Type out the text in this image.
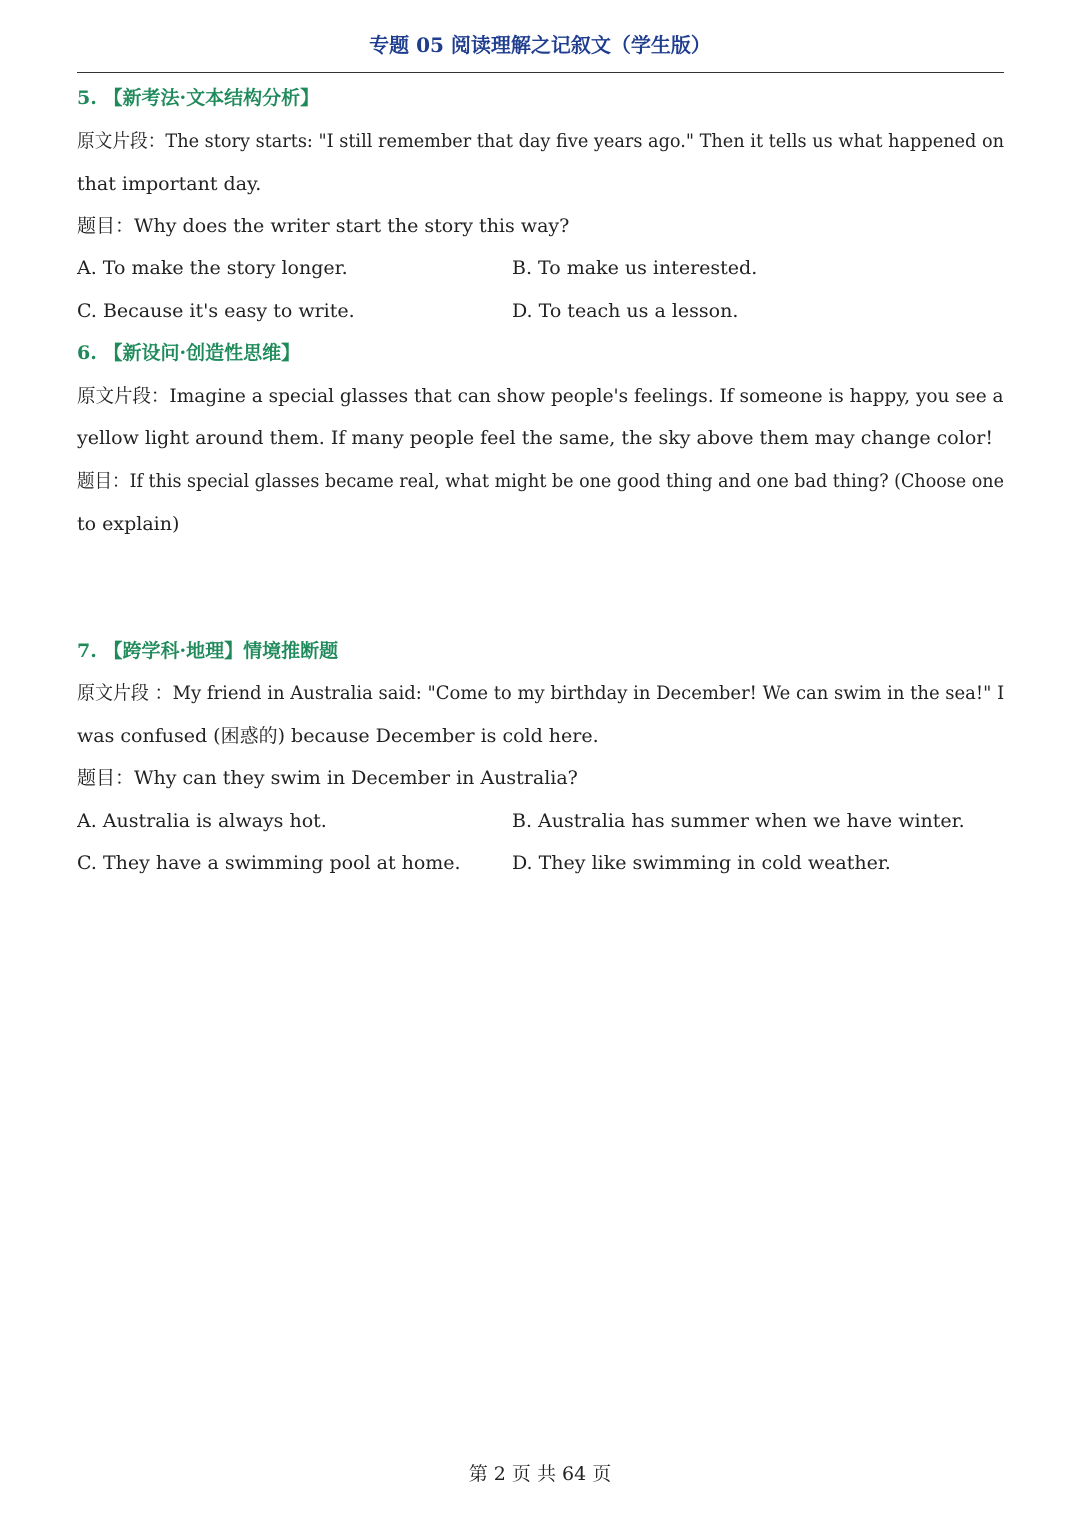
专题 05 阅读理解之记叙文（学生版）
5. 【新考法·文本结构分析】
原文片段：The story starts: "I still remember that day five years ago." Then it tells us what happened on
that important day.
题目：Why does the writer start the story this way?
A. To make the story longer.	B. To make us interested.
C. Because it's easy to write.	D. To teach us a lesson.
6. 【新设问·创造性思维】
原文片段：Imagine a special glasses that can show people's feelings. If someone is happy, you see a
yellow light around them. If many people feel the same, the sky above them may change color!
题目：If this special glasses became real, what might be one good thing and one bad thing? (Choose one
to explain)
7. 【跨学科·地理】情境推断题
原文片段 ：My friend in Australia said: "Come to my birthday in December! We can swim in the sea!" I
was confused (困惑的) because December is cold here.
题目：Why can they swim in December in Australia?
A. Australia is always hot.	B. Australia has summer when we have winter.
C. They have a swimming pool at home.	D. They like swimming in cold weather.
第 2 页 共 64 页
